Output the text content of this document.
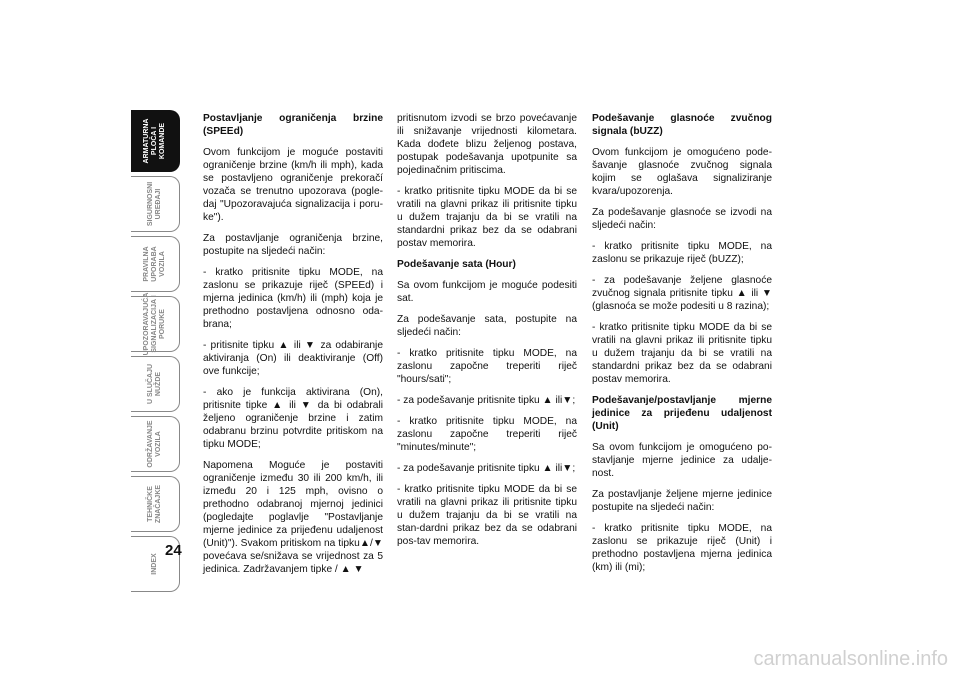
ARMATURNA
PLOČA I
KOMANDE
SIGURNOSNI
UREĐAJI
PRAVILNA
UPORABA
VOZILA
UPOZORAVAJUĆA
SIGNALIZACIJA I
PORUKE
U SLUČAJU
NUŽDE
ODRŽAVANJE
VOZILA
TEHNIČKE
ZNAČAJKE
INDEX
24

Postavljanje ograničenja brzine (SPEEd)

Ovom funkcijom je moguće postaviti ograničenje brzine (km/h ili mph), kada se postavljeno ograničenje prekoračí vozača se trenutno upozorava (pogle-daj "Upozoravajuća signalizacija i poru-ke").

Za postavljanje ograničenja brzine, postupite na sljedeći način:

- kratko pritisnite tipku MODE, na zaslonu se prikazuje riječ (SPEEd) i mjerna jedinica (km/h) ili (mph) koja je prethodno postavljena odnosno oda-brana;

- pritisnite tipku ▲ ili ▼ za odabiranje aktiviranja (On) ili deaktiviranje (Off) ove funkcije;

- ako je funkcija aktivirana (On), pritisnite tipke ▲ ili ▼ da bi odabrali željeno ograničenje brzine i zatim odabranu brzinu potvrdite pritiskom na tipku MODE;

Napomena Moguće je postaviti ograničenje između 30 ili 200 km/h, ili između 20 i 125 mph, ovisno o prethodno odabranoj mjernoj jedinici (pogledajte poglavlje "Postavljanje mjerne jedinice za prijeđenu udaljenost (Unit)"). Svakom pritiskom na tipku▲/▼ povećava se/snižava se vrijednost za 5 jedinica. Zadržavanjem tipke / ▲ ▼

pritisnutom izvodi se brzo povećavanje ili snižavanje vrijednosti kilometara. Kada dođete blizu željenog postava, postupak podešavanja upotpunite sa pojedinačnim pritiscima.

- kratko pritisnite tipku MODE da bi se vratili na glavni prikaz ili pritisnite tipku u dužem trajanju da bi se vratili na standardni prikaz bez da se odabrani postav memorira.

Podešavanje sata (Hour)

Sa ovom funkcijom je moguće podesiti sat.

Za podešavanje sata, postupite na sljedeći način:

- kratko pritisnite tipku MODE, na zaslonu započne treperiti riječ "hours/sati";

- za podešavanje pritisnite tipku ▲ ili▼;

- kratko pritisnite tipku MODE, na zaslonu započne treperiti riječ "minutes/minute";

- za podešavanje pritisnite tipku ▲ ili▼;

- kratko pritisnite tipku MODE da bi se vratili na glavni prikaz ili pritisnite tipku u dužem trajanju da bi se vratili na stan-dardni prikaz bez da se odabrani pos-tav memorira.

Podešavanje glasnoće zvučnog signala (bUZZ)

Ovom funkcijom je omogućeno pode-šavanje glasnoće zvučnog signala kojim se oglašava signaliziranje kvara/upozorenja.

Za podešavanje glasnoće se izvodi na sljedeći način:

- kratko pritisnite tipku MODE, na zaslonu se prikazuje riječ (bUZZ);

- za podešavanje željene glasnoće zvučnog signala pritisnite tipku ▲ ili ▼ (glasnoća se može podesiti u 8 razina);

- kratko pritisnite tipku MODE da bi se vratili na glavni prikaz ili pritisnite tipku u dužem trajanju da bi se vratili na standardni prikaz bez da se odabrani postav memorira.

Podešavanje/postavljanje mjerne jedinice za prijeđenu udaljenost (Unit)

Sa ovom funkcijom je omogućeno po-stavljanje mjerne jedinice za udalje-nost.

Za postavljanje željene mjerne jedinice postupite na sljedeći način:

- kratko pritisnite tipku MODE, na zaslonu se prikazuje riječ (Unit) i prethodno postavljena mjerna jedinica (km) ili (mi);

carmanualsonline.info
